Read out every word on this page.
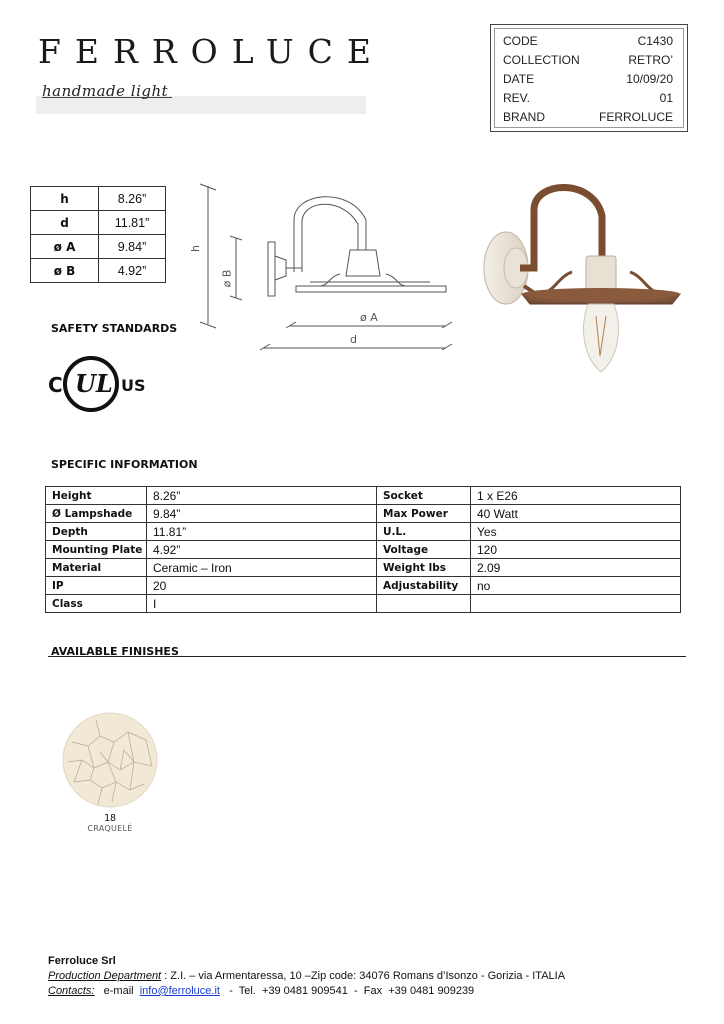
FERROLUCE
handmade light
CODE	C1430
COLLECTION	RETRO’
DATE	10/09/20
REV.	01
BRAND	FERROLUCE
h	8.26”
d	11.81”
ø A	9.84”
ø B	4.92”
h
ø B
ø A
d
SAFETY STANDARDS
C UL US
SPECIFIC INFORMATION
Height	8.26”	Socket	1 x E26
Ø Lampshade	9.84”	Max Power	40 Watt
Depth	11.81”	U.L.	Yes
Mounting Plate	4.92”	Voltage	120
Material	Ceramic – Iron	Weight lbs	2.09
IP	20	Adjustability	no
Class	I		
AVAILABLE FINISHES
18
CRAQUELÉ
Ferroluce Srl
Production Department : Z.I. – via Armentaressa, 10 –Zip code: 34076 Romans d’Isonzo - Gorizia - ITALIA
Contacts:   e-mail  info@ferroluce.it   -  Tel.  +39 0481 909541  -  Fax  +39 0481 909239
